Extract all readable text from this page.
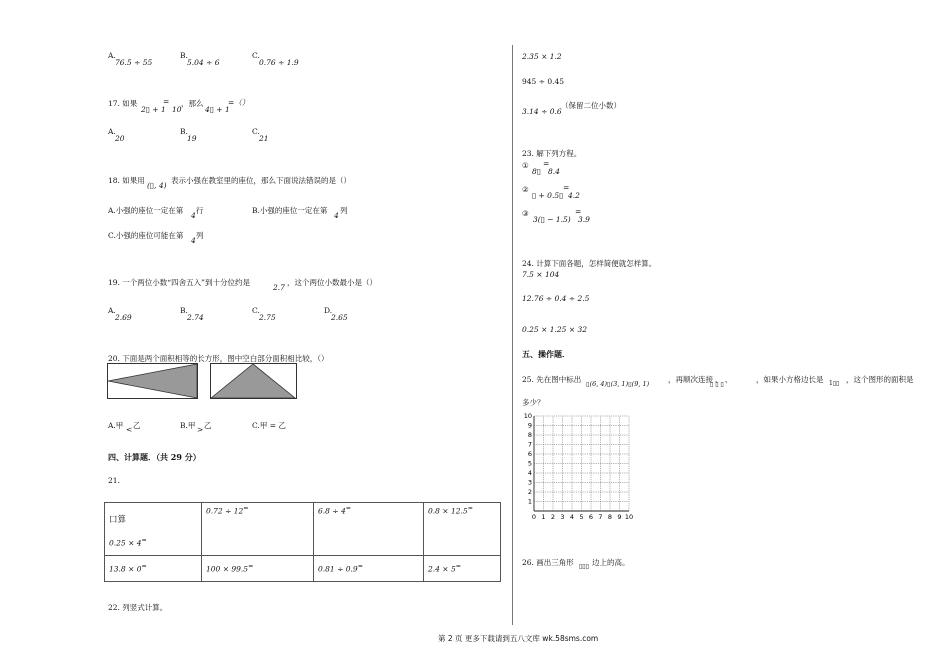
A.
76.5 ÷ 55
B.
5.04 ÷ 6
C.
0.76 ÷ 1.9
17. 如果
2▯ + 1
=
10
，那么
4▯ + 1
=（）
A.
20
B.
19
C.
21
18. 如果用
(▯, 4)
表示小强在教室里的座位，那么下面说法错误的是（）
A.小强的座位一定在第
4
行	B.小强的座位一定在第
4
列
C.小强的座位可能在第
4
列
19. 一个两位小数“四舍五入”到十分位约是
2.7
，这个两位小数最小是（）
A.
2.69
B.
2.74
C.
2.75
D.
2.65
20. 下面是两个面积相等的长方形，图中空白部分面积相比较，（）
A.甲 < 乙	B.甲 > 乙	C.甲 = 乙
四、计算题．（共 29 分）
21.
口算
0.25 × 4=	0.72 ÷ 12=	6.8 ÷ 4=	0.8 × 12.5=
13.8 × 0=	100 × 99.5=	0.81 ÷ 0.9=	2.4 × 5=
22. 列竖式计算。
2.35 × 1.2
945 ÷ 0.45
3.14 ÷ 0.6
（保留二位小数）
23. 解下列方程。
①
8▯
=
8.4
②
▯ + 0.5▯
=
4.2
③
3(▯ − 1.5)
=
3.9
24. 计算下面各题，怎样简便就怎样算。
7.5 × 104
12.76 ÷ 0.4 ÷ 2.5
0.25 × 1.25 × 32
五、操作题．
25. 先在图中标出 ▯(6, 4)▯(3, 1)▯(9, 1)	，再顺次连接 、 、
▯ ▯ ▯
，如果小方格边长是 1▯▯ ，这个图形的面积是
多少？
0 1 2 3 4 5 6 7 8 9 10
10
9
8
7
6
5
4
3
2
1
26. 画出三角形 ▯▯▯ 边上的高。
第 2 页 更多下载请到五八文库 wk.58sms.com
